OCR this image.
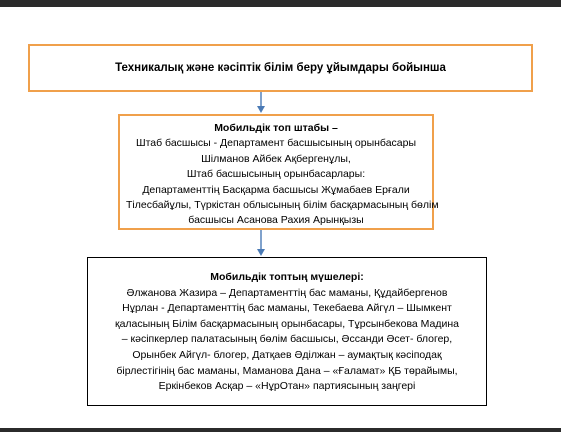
Техникалық және кәсіптік білім беру ұйымдары бойынша
Мобильдік топ штабы –
Штаб басшысы - Департамент басшысының орынбасары
Шілманов Айбек Ақбергенұлы,
Штаб басшысының орынбасарлары:
Департаменттің Басқарма басшысы Жұмабаев Ерғали
Тілесбайұлы, Түркістан облысының білім басқармасының бөлім
басшысы Асанова Рахия Арынқызы
Мобильдік топтың мүшелері:
Әлжанова Жазира – Департаменттің бас маманы, Құдайбергенов
Нұрлан - Департаменттің бас маманы, Текебаева Айгүл – Шымкент
қаласының Білім басқармасының орынбасары, Тұрсынбекова Мадина
– кәсіпкерлер палатасының бөлім басшысы, Әссанди Әсет- блогер,
Орынбек Айгүл- блогер, Датқаев Әділжан – аумақтық кәсіподақ
бірлестігінің бас маманы, Маманова Дана – «Ғаламат» ҚБ төрайымы,
Еркінбеков Асқар – «НұрОтан» партиясының заңгері
